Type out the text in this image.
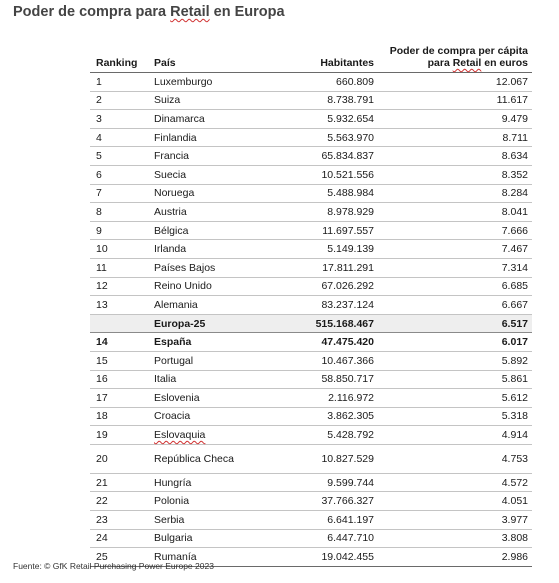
Poder de compra para Retail en Europa
Ranking	País	Habitantes	Poder de compra per cápita
para Retail en euros
1	Luxemburgo	660.809	12.067
2	Suiza	8.738.791	11.617
3	Dinamarca	5.932.654	9.479
4	Finlandia	5.563.970	8.711
5	Francia	65.834.837	8.634
6	Suecia	10.521.556	8.352
7	Noruega	5.488.984	8.284
8	Austria	8.978.929	8.041
9	Bélgica	11.697.557	7.666
10	Irlanda	5.149.139	7.467
11	Países Bajos	17.811.291	7.314
12	Reino Unido	67.026.292	6.685
13	Alemania	83.237.124	6.667
	Europa-25	515.168.467	6.517
14	España	47.475.420	6.017
15	Portugal	10.467.366	5.892
16	Italia	58.850.717	5.861
17	Eslovenia	2.116.972	5.612
18	Croacia	3.862.305	5.318
19	Eslovaquia	5.428.792	4.914
20	República Checa	10.827.529	4.753
21	Hungría	9.599.744	4.572
22	Polonia	37.766.327	4.051
23	Serbia	6.641.197	3.977
24	Bulgaria	6.447.710	3.808
25	Rumanía	19.042.455	2.986
Fuente: © GfK Retail Purchasing Power Europe 2023
